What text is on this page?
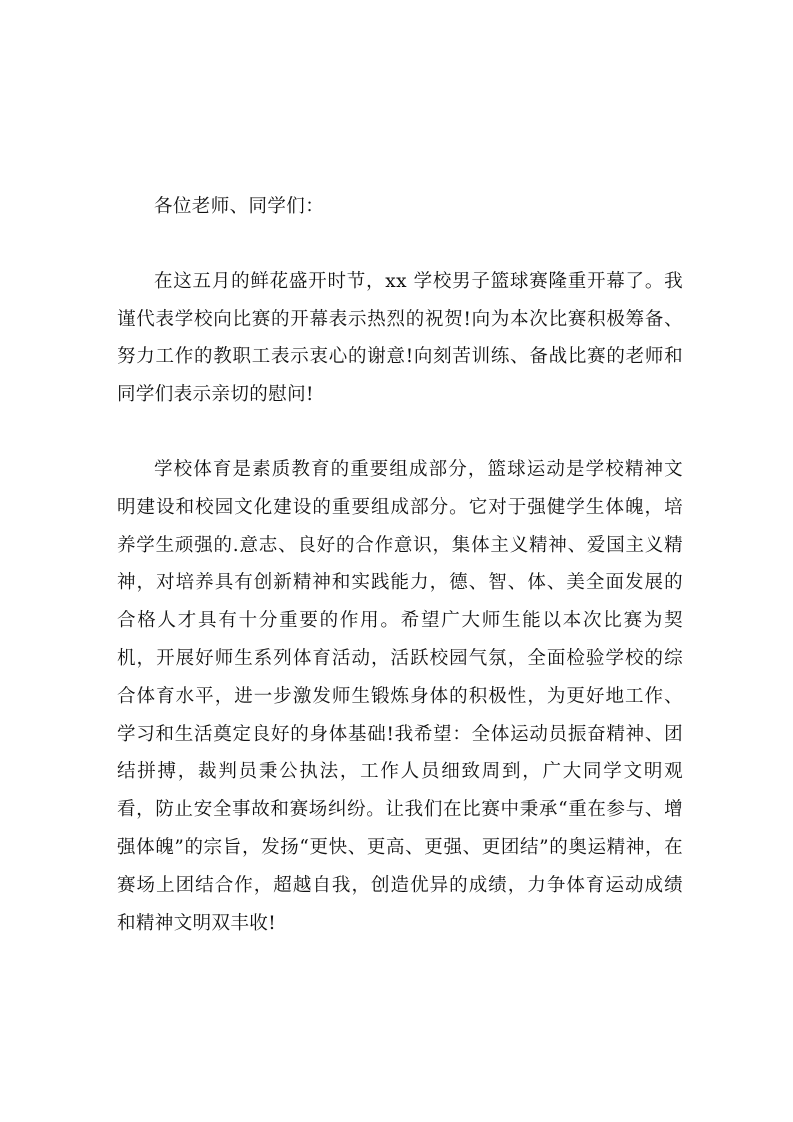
各位老师、同学们：

在这五月的鲜花盛开时节，xx 学校男子篮球赛隆重开幕了。我谨代表学校向比赛的开幕表示热烈的祝贺!向为本次比赛积极筹备、努力工作的教职工表示衷心的谢意!向刻苦训练、备战比赛的老师和同学们表示亲切的慰问!

学校体育是素质教育的重要组成部分，篮球运动是学校精神文明建设和校园文化建设的重要组成部分。它对于强健学生体魄，培养学生顽强的.意志、良好的合作意识，集体主义精神、爱国主义精神，对培养具有创新精神和实践能力，德、智、体、美全面发展的合格人才具有十分重要的作用。希望广大师生能以本次比赛为契机，开展好师生系列体育活动，活跃校园气氛，全面检验学校的综合体育水平，进一步激发师生锻炼身体的积极性，为更好地工作、学习和生活奠定良好的身体基础!我希望：全体运动员振奋精神、团结拼搏，裁判员秉公执法，工作人员细致周到，广大同学文明观看，防止安全事故和赛场纠纷。让我们在比赛中秉承“重在参与、增强体魄”的宗旨，发扬“更快、更高、更强、更团结”的奥运精神，在赛场上团结合作，超越自我，创造优异的成绩，力争体育运动成绩和精神文明双丰收!
